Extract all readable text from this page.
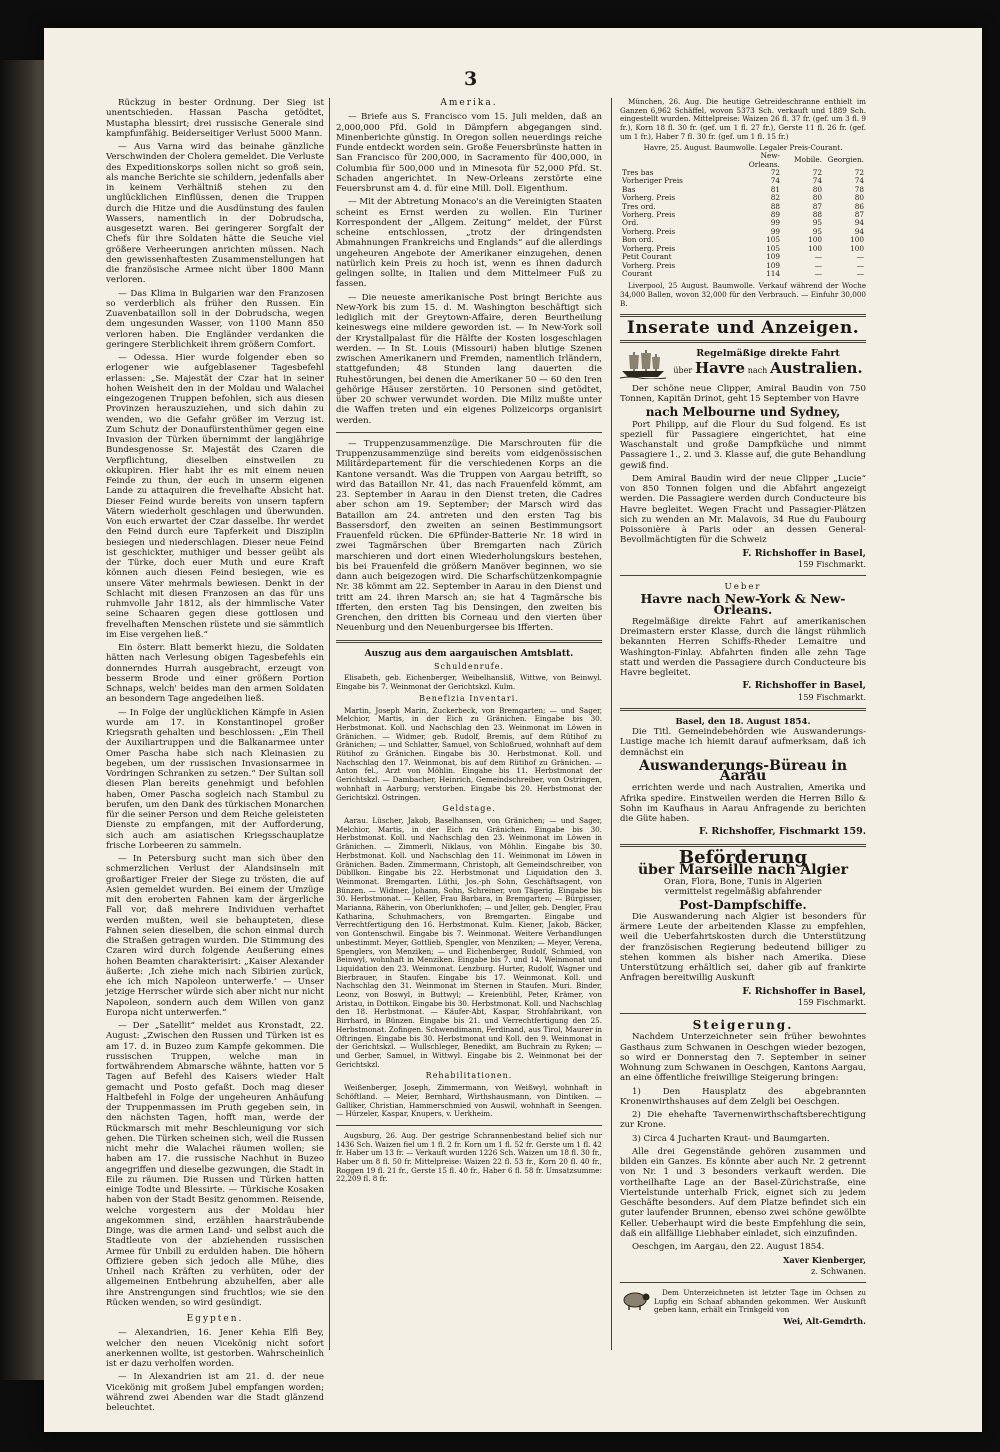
3

Rückzug in bester Ordnung. Der Sieg ist unentschieden. Hassan Pascha getödtet, Mustapha blessirt; drei russische Generale sind kampfunfähig. Beiderseitiger Verlust 5000 Mann.

— Aus Varna wird das beinahe gänzliche Verschwinden der Cholera gemeldet. Die Verluste des Expeditionskorps sollen nicht so groß sein, als manche Berichte sie schildern, jedenfalls aber in keinem Verhältniß stehen zu den unglücklichen Einflüssen, denen die Truppen durch die Hitze und die Ausdünstung des faulen Wassers, namentlich in der Dobrudscha, ausgesetzt waren. Bei geringerer Sorgfalt der Chefs für ihre Soldaten hätte die Seuche viel größere Verheerungen anrichten müssen. Nach den gewissenhaftesten Zusammenstellungen hat die französische Armee nicht über 1800 Mann verloren.

— Das Klima in Bulgarien war den Franzosen so verderblich als früher den Russen. Ein Zuavenbataillon soll in der Dobrudscha, wegen dem ungesunden Wasser, von 1100 Mann 850 verloren haben. Die Engländer verdanken die geringere Sterblichkeit ihrem größern Comfort.

— Odessa. Hier wurde folgender eben so erlogener wie aufgeblasener Tagesbefehl erlassen: „Se. Majestät der Czar hat in seiner hohen Weisheit den in der Moldau und Walachei eingezogenen Truppen befohlen, sich aus diesen Provinzen herauszuziehen, und sich dahin zu wenden, wo die Gefahr größer im Verzug ist. Zum Schutz der Donaufürstenthümer gegen eine Invasion der Türken übernimmt der langjährige Bundesgenosse Sr. Majestät des Czaren die Verpflichtung, dieselben einstweilen zu okkupiren. Hier habt ihr es mit einem neuen Feinde zu thun, der euch in unserm eigenen Lande zu attaquiren die frevelhafte Absicht hat. Dieser Feind wurde bereits von unsern tapfern Vätern wiederholt geschlagen und überwunden. Von euch erwartet der Czar dasselbe. Ihr werdet den Feind durch eure Tapferkeit und Disziplin besiegen und niederschlagen. Dieser neue Feind ist geschickter, muthiger und besser geübt als der Türke, doch euer Muth und eure Kraft können auch diesen Feind besiegen, wie es unsere Väter mehrmals bewiesen. Denkt in der Schlacht mit diesen Franzosen an das für uns ruhmvolle Jahr 1812, als der himmlische Vater seine Schaaren gegen diese gottlosen und frevelhaften Menschen rüstete und sie sämmtlich im Eise vergehen ließ.“

Ein österr. Blatt bemerkt hiezu, die Soldaten hätten nach Verlesung obigen Tagesbefehls ein donnerndes Hurrah ausgebracht, erzeugt von besserm Brode und einer größern Portion Schnaps, welch' beides man den armen Soldaten an besondern Tage angedeihen ließ.

— In Folge der unglücklichen Kämpfe in Asien wurde am 17. in Konstantinopel großer Kriegsrath gehalten und beschlossen: „Ein Theil der Auxiliartruppen und die Balkanarmee unter Omer Pascha habe sich nach Kleinasien zu begeben, um der russischen Invasionsarmee in Vordringen Schranken zu setzen.“ Der Sultan soll diesen Plan bereits genehmigt und befohlen haben, Omer Pascha sogleich nach Stambul zu berufen, um den Dank des türkischen Monarchen für die seiner Person und dem Reiche geleisteten Dienste zu empfangen, mit der Aufforderung, sich auch am asiatischen Kriegsschauplatze frische Lorbeeren zu sammeln.

— In Petersburg sucht man sich über den schmerzlichen Verlust der Alandsinseln mit großartiger Freier der Siege zu trösten, die auf Asien gemeldet wurden. Bei einem der Umzüge mit den eroberten Fahnen kam der ärgerliche Fall vor, daß mehrere Individuen verhaftet werden mußten, weil sie behaupteten, diese Fahnen seien dieselben, die schon einmal durch die Straßen getragen wurden. Die Stimmung des Czaren wird durch folgende Aeußerung eines hohen Beamten charakterisirt: „Kaiser Alexander äußerte: ‚Ich ziehe mich nach Sibirien zurück, ehe ich mich Napoleon unterwerfe.‘ — Unser jetzige Herrscher würde sich aber nicht nur nicht Napoleon, sondern auch dem Willen von ganz Europa nicht unterwerfen.“

— Der „Satellit“ meldet aus Kronstadt, 22. August: „Zwischen den Russen und Türken ist es am 17. d. in Buzeo zum Kampfe gekommen. Die russischen Truppen, welche man in fortwährendem Abmarsche wähnte, hatten vor 5 Tagen auf Befehl des Kaisers wieder Halt gemacht und Posto gefaßt. Doch mag dieser Haltbefehl in Folge der ungeheuren Anhäufung der Truppenmassen im Pruth gegeben sein, in den nächsten Tagen, hofft man, werde der Rückmarsch mit mehr Beschleunigung vor sich gehen. Die Türken scheinen sich, weil die Russen nicht mehr die Walachei räumen wollen; sie haben am 17. die russische Nachhut in Buzeo angegriffen und dieselbe gezwungen, die Stadt in Eile zu räumen. Die Russen und Türken hatten einige Todte und Blessirte. — Türkische Kosaken haben von der Stadt Besitz genommen. Reisende, welche vorgestern aus der Moldau hier angekommen sind, erzählen haarsträubende Dinge, was die armen Land- und selbst auch die Stadtleute von der abziehenden russischen Armee für Unbill zu erdulden haben. Die höhern Offiziere geben sich jedoch alle Mühe, dies Unheil nach Kräften zu verhüten, oder der allgemeinen Entbehrung abzuhelfen, aber alle ihre Anstrengungen sind fruchtlos; wie sie den Rücken wenden, so wird gesündigt.

Egypten.

— Alexandrien, 16. Jener Kehia Elfi Bey, welcher den neuen Vicekönig nicht sofort anerkennen wollte, ist gestorben. Wahrscheinlich ist er dazu verholfen worden.

— In Alexandrien ist am 21. d. der neue Vicekönig mit großem Jubel empfangen worden; während zwei Abenden war die Stadt glänzend beleuchtet.

Amerika.

— Briefe aus S. Francisco vom 15. Juli melden, daß an 2,000,000 Pfd. Gold in Dämpfern abgegangen sind. Minenberichte günstig. In Oregon sollen neuerdings reiche Funde entdeckt worden sein. Große Feuersbrünste hatten in San Francisco für 200,000, in Sacramento für 400,000, in Columbia für 500,000 und in Minesota für 52,000 Pfd. St. Schaden angerichtet. In New-Orleans zerstörte eine Feuersbrunst am 4. d. für eine Mill. Doll. Eigenthum.

— Mit der Abtretung Monaco's an die Vereinigten Staaten scheint es Ernst werden zu wollen. Ein Turiner Korrespondent der „Allgem. Zeitung“ meldet, der Fürst scheine entschlossen, „trotz der dringendsten Abmahnungen Frankreichs und Englands“ auf die allerdings ungeheuren Angebote der Amerikaner einzugehen, denen natürlich kein Preis zu hoch ist, wenn es ihnen dadurch gelingen sollte, in Italien und dem Mittelmeer Fuß zu fassen.

— Die neueste amerikanische Post bringt Berichte aus New-York bis zum 15. d. M. Washington beschäftigt sich lediglich mit der Greytown-Affaire, deren Beurtheilung keineswegs eine mildere geworden ist. — In New-York soll der Krystallpalast für die Hälfte der Kosten losgeschlagen werden. — In St. Louis (Missouri) haben blutige Szenen zwischen Amerikanern und Fremden, namentlich Irländern, stattgefunden; 48 Stunden lang dauerten die Ruhestörungen, bei denen die Amerikaner 50 — 60 den Iren gehörige Häuser zerstörten. 10 Personen sind getödtet, über 20 schwer verwundet worden. Die Miliz mußte unter die Waffen treten und ein eigenes Polizeicorps organisirt werden.

— Truppenzusammenzüge. Die Marschrouten für die Truppenzusammenzüge sind bereits vom eidgenössischen Militärdepartement für die verschiedenen Korps an die Kantone versandt. Was die Truppen von Aargau betrifft, so wird das Bataillon Nr. 41, das nach Frauenfeld kömmt, am 23. September in Aarau in den Dienst treten, die Cadres aber schon am 19. September; der Marsch wird das Bataillon am 24. antreten und den ersten Tag bis Bassersdorf, den zweiten an seinen Bestimmungsort Frauenfeld rücken. Die 6Pfünder-Batterie Nr. 18 wird in zwei Tagmärschen über Bremgarten nach Zürich marschieren und dort einen Wiederholungskurs bestehen, bis bei Frauenfeld die größern Manöver beginnen, wo sie dann auch beigezogen wird. Die Scharfschützenkompagnie Nr. 38 kömmt am 22. September in Aarau in den Dienst und tritt am 24. ihren Marsch an; sie hat 4 Tagmärsche bis Ifferten, den ersten Tag bis Densingen, den zweiten bis Grenchen, den dritten bis Corneau und den vierten über Neuenburg und den Neuenburgersee bis Ifferten.

Auszug aus dem aargauischen Amtsblatt.
Schuldenrufe.

Elisabeth, geb. Eichenberger, Weibelhansliß, Wittwe, von Beinwyl. Eingabe bis 7. Weinmonat der Gerichtskzl. Kulm.

Benefizia Inventari.

Martin, Joseph Marin, Zuckerbeck, von Bremgarten; — und Sager, Melchior, Martis, in der Eich zu Gränichen. Eingabe bis 30. Herbstmonat. Koll. und Nachschlag den 23. Weinmonat im Löwen in Gränichen. — Widmer, geb. Rudolf, Bremis, auf dem Rütihof zu Gränichen; — und Schlatter, Samuel, von Schloßrued, wohnhaft auf dem Rütihof zu Gränichen. Eingabe bis 30. Herbstmonat. Koll. und Nachschlag den 17. Weinmonat, bis auf dem Rütihof zu Gränichen. — Anton fel., Arzt von Möhlin. Eingabe bis 11. Herbstmonat der Gerichtskzl. — Dambacher, Heinrich, Gemeindschreiber, von Ostringen, wohnhaft in Aarburg; verstorben. Eingabe bis 20. Herbstmonat der Gerichtskzl. Ostringen.

Geldstage.

Aarau. Lüscher, Jakob, Baselhansen, von Gränichen; — und Sager, Melchior, Martis, in der Eich zu Gränichen. Eingabe bis 30. Herbstmonat. Koll. und Nachschlag den 23. Weinmonat im Löwen in Gränichen. — Zimmerli, Niklaus, von Möhlin. Eingabe bis 30. Herbstmonat. Koll. und Nachschlag den 11. Weinmonat im Löwen in Gränichen. Baden. Zimmermann, Christoph, alt Gemeindschreiber, von Dübllkon. Eingabe bis 22. Herbstmonat und Liquidation den 3. Weinmonat. Bremgarten. Lüthi, Jos.-ph Sohn, Geschäftsagent, von Bünzen. — Widmer, Johann, Sohn, Schreiner, von Tägerig. Eingabe bis 30. Herbstmonat. — Keller, Frau Barbara, in Bremgarten; — Bürgisser, Marianna, Räherin, von Oberlunkhofen; — und Jeller, geb. Dengler, Frau Katharina, Schuhmachers, von Bremgarten. Eingabe und Verrechtfertigung den 16. Herbstmonat. Kulm. Kiener, Jakob, Bäcker, von Gontenschwil. Eingabe bis 7. Weinmonat. Weitere Verhandlungen unbestimmt. Meyer, Gottlieb, Spengler, von Menziken; — Meyer, Verena, Spenglers, von Menziken; — und Eichenberger, Rudolf, Schmied, von Beinwyl, wohnhaft in Menziken. Eingabe bis 7. und 14. Weinmonat und Liquidation den 23. Weinmonat. Lenzburg. Hurter, Rudolf, Wagner und Bierbrauer, in Staufen. Eingabe bis 17. Weinmonat. Koll. und Nachschlag den 31. Weinmonat im Sternen in Staufen. Muri. Binder, Leonz, von Boswyl, in Buttwyl; — Kreienbühl, Peter, Krämer, von Aristau, in Dottikon. Eingabe bis 30. Herbstmonat. Koll. und Nachschlag den 18. Herbstmonat. — Käufer-Abt, Kaspar, Strohfabrikant, von Birrhard, in Bünzen. Eingabe bis 21. und Verrechtfertigung den 25. Herbstmonat. Zofingen. Schwendimann, Ferdinand, aus Tirol, Maurer in Oftringen. Eingabe bis 30. Herbstmonat und Koll. den 9. Weinmonat in der Gerichtskzl. — Wullschleger, Benedikt, am Buchrain zu Ryken; — und Gerber, Samuel, in Wittwyl. Eingabe bis 2. Weinmonat bei der Gerichtskzl.

Rehabilitationen.

Weißenberger, Joseph, Zimmermann, von Weißwyl, wohnhaft in Schöftland. — Meier, Bernhard, Wirthshausmann, von Dintiken. — Galliker, Christian, Hammerschmied von Auswil, wohnhaft in Seengen. — Hürzeler, Kaspar, Knupers, v. Uerkheim.

Augsburg, 26. Aug. Der gestrige Schrannenbestand belief sich nur 1436 Sch. Waizen fiel um 1 fl. 2 fr. Korn um 1 fl. 52 fr. Gerste um 1 fl. 42 fr. Haber um 13 fr. — Verkauft wurden 1226 Sch. Waizen um 18 fl. 30 fr., Haber um 8 fl. 50 fr. Mittelpreise: Waizen 22 fl. 53 fr., Korn 20 fl. 40 fr., Roggen 19 fl. 21 fr., Gerste 15 fl. 40 fr., Haber 6 fl. 58 fr. Umsatzsumme: 22,209 fl. 8 fr.

München, 26. Aug. Die heutige Getreideschranne enthielt im Ganzen 6,962 Schäffel, wovon 5373 Sch. verkauft und 1889 Sch. eingestellt wurden. Mittelpreise: Waizen 26 fl. 37 fr. (gef. um 3 fl. 9 fr.), Korn 18 fl. 30 fr. (gef. um 1 fl. 27 fr.), Gerste 11 fl. 26 fr. (gef. um 1 fr.), Haber 7 fl. 30 fr. (gef. um 1 fl. 15 fr.)

Havre, 25. August. Baumwolle. Legaler Preis-Courant.
	New-Orleans.	Mobile.	Georgien.
Tres bas	72	72	72
Vorheriger Preis	74	74	74
Bas	81	80	78
Vorherg. Preis	82	80	80
Tres ord.	88	87	86
Vorherg. Preis	89	88	87
Ord.	99	95	94
Vorherg. Preis	99	95	94
Bon ord.	105	100	100
Vorherg. Preis	105	100	100
Petit Courant	109	—	—
Vorherg. Preis	109	—	—
Courant	114	—	—

Liverpool, 25 August. Baumwolle. Verkauf während der Woche 34,000 Ballen, wovon 32,000 für den Verbrauch. — Einfuhr 30,000 B.

Inserate und Anzeigen.
Regelmäßige direkte Fahrt
über Havre nach Australien.

Der schöne neue Clipper, Amiral Baudin von 750 Tonnen, Kapitän Drinot, geht 15 September von Havre

nach Melbourne und Sydney,

Port Philipp, auf die Flour du Sud folgend. Es ist speziell für Passagiere eingerichtet, hat eine Waschanstalt und große Dampfküche und nimmt Passagiere 1., 2. und 3. Klasse auf, die gute Behandlung gewiß find.

Dem Amiral Baudin wird der neue Clipper „Lucie“ von 850 Tonnen folgen und die Abfahrt angezeigt werden. Die Passagiere werden durch Conducteure bis Havre begleitet. Wegen Fracht und Passagier-Plätzen sich zu wenden an Mr. Malavois, 34 Rue du Faubourg Poissonière à Paris oder an dessen General-Bevollmächtigten für die Schweiz

F. Richshoffer in Basel,
159 Fischmarkt.
Ueber
Havre nach New-York & New-Orleans.

Regelmäßige direkte Fahrt auf amerikanischen Dreimastern erster Klasse, durch die längst rühmlich bekannten Herren Schiffs-Rheder Lemaitre und Washington-Finlay. Abfahrten finden alle zehn Tage statt und werden die Passagiere durch Conducteure bis Havre begleitet.

F. Richshoffer in Basel,
159 Fischmarkt.
Basel, den 18. August 1854.

Die Titl. Gemeindebehörden wie Auswanderungs-Lustige mache ich hiemit darauf aufmerksam, daß ich demnächst ein

Auswanderungs-Büreau in Aarau

errichten werde und nach Australien, Amerika und Afrika spedire. Einstweilen werden die Herren Billo & Sohn im Kaufhaus in Aarau Anfragende zu berichten die Güte haben.

F. Richshoffer, Fischmarkt 159.
Beförderung
über Marseille nach Algier
Oran, Flora, Bone, Tunis in Algerien
vermittelst regelmäßig abfahrender
Post-Dampfschiffe.

Die Auswanderung nach Algier ist besonders für ärmere Leute der arbeitenden Klasse zu empfehlen, weil die Ueberfahrtskosten durch die Unterstützung der französischen Regierung bedeutend billiger zu stehen kommen als bisher nach Amerika. Diese Unterstützung erhältlich sei, daher gib auf frankirte Anfragen bereitwillig Auskunft

F. Richshoffer in Basel,
159 Fischmarkt.
Steigerung.

Nachdem Unterzeichneter sein früher bewohntes Gasthaus zum Schwanen in Oeschgen wieder bezogen, so wird er Donnerstag den 7. September in seiner Wohnung zum Schwanen in Oeschgen, Kantons Aargau, an eine öffentliche freiwillige Steigerung bringen:

1) Den Hausplatz des abgebrannten Kronenwirthshauses auf dem Zelgli bei Oeschgen.

2) Die ehehafte Tavernenwirthschaftsberechtigung zur Krone.

3) Circa 4 Jucharten Kraut- und Baumgarten.

Alle drei Gegenstände gehören zusammen und bilden ein Ganzes. Es könnte aber auch Nr. 2 getrennt von Nr. 1 und 3 besonders verkauft werden. Die vortheilhafte Lage an der Basel-Zürichstraße, eine Viertelstunde unterhalb Frick, eignet sich zu jedem Geschäfte besonders. Auf dem Platze befindet sich ein guter laufender Brunnen, ebenso zwei schöne gewölbte Keller. Ueberhaupt wird die beste Empfehlung die sein, daß ein allfällige Liebhaber einladet, sich einzufinden.

Oeschgen, im Aargau, den 22. August 1854.

Xaver Kienberger,
z. Schwanen.

Dem Unterzeichneten ist letzter Tage im Ochsen zu Lupfig ein Schaaf abhanden gekommen. Wer Auskunft geben kann, erhält ein Trinkgeld von

Wei, Alt-Gemdrth.
